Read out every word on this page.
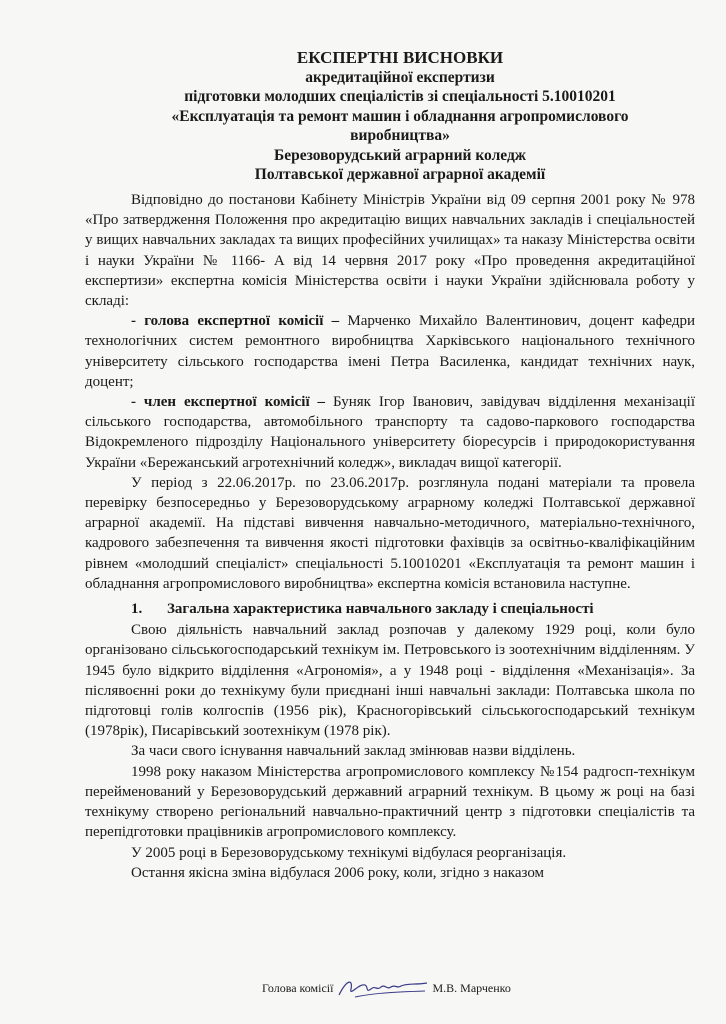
ЕКСПЕРТНІ ВИСНОВКИ
акредитаційної експертизи
підготовки молодших спеціалістів зі спеціальності 5.10010201
«Експлуатація та ремонт машин і обладнання агропромислового
виробництва»
Березоворудський аграрний коледж
Полтавської державної аграрної академії

Відповідно до постанови Кабінету Міністрів України від 09 серпня 2001 року № 978 «Про затвердження Положення про акредитацію вищих навчальних закладів і спеціальностей у вищих навчальних закладах та вищих професійних училищах» та наказу Міністерства освіти і науки України № 1166- А від 14 червня 2017 року «Про проведення акредитаційної експертизи» експертна комісія Міністерства освіти і науки України здійснювала роботу у складі:

- голова експертної комісії – Марченко Михайло Валентинович, доцент кафедри технологічних систем ремонтного виробництва Харківського національного технічного університету сільського господарства імені Петра Василенка, кандидат технічних наук, доцент;

- член експертної комісії – Буняк Ігор Іванович, завідувач відділення механізації сільського господарства, автомобільного транспорту та садово-паркового господарства Відокремленого підрозділу Національного університету біоресурсів і природокористування України «Бережанський агротехнічний коледж», викладач вищої категорії.

У період з 22.06.2017р. по 23.06.2017р. розглянула подані матеріали та провела перевірку безпосередньо у Березоворудському аграрному коледжі Полтавської державної аграрної академії. На підставі вивчення навчально-методичного, матеріально-технічного, кадрового забезпечення та вивчення якості підготовки фахівців за освітньо-кваліфікаційним рівнем «молодший спеціаліст» спеціальності 5.10010201 «Експлуатація та ремонт машин і обладнання агропромислового виробництва» експертна комісія встановила наступне.

1. Загальна характеристика навчального закладу і спеціальності

Свою діяльність навчальний заклад розпочав у далекому 1929 році, коли було організовано сільськогосподарський технікум ім. Петровського із зоотехнічним відділенням. У 1945 було відкрито відділення «Агрономія», а у 1948 році - відділення «Механізація». За післявоєнні роки до технікуму були приєднані інші навчальні заклади: Полтавська школа по підготовці голів колгоспів (1956 рік), Красногорівський сільськогосподарський технікум (1978рік), Писарівський зоотехнікум (1978 рік).

За часи свого існування навчальний заклад змінював назви відділень.

1998 року наказом Міністерства агропромислового комплексу №154 радгосп-технікум перейменований у Березоворудський державний аграрний технікум. В цьому ж році на базі технікуму створено регіональний навчально-практичний центр з підготовки спеціалістів та перепідготовки працівників агропромислового комплексу.

У 2005 році в Березоворудському технікумі відбулася реорганізація.

Остання якісна зміна відбулася 2006 року, коли, згідно з наказом

Голова комісії	М.В. Марченко
